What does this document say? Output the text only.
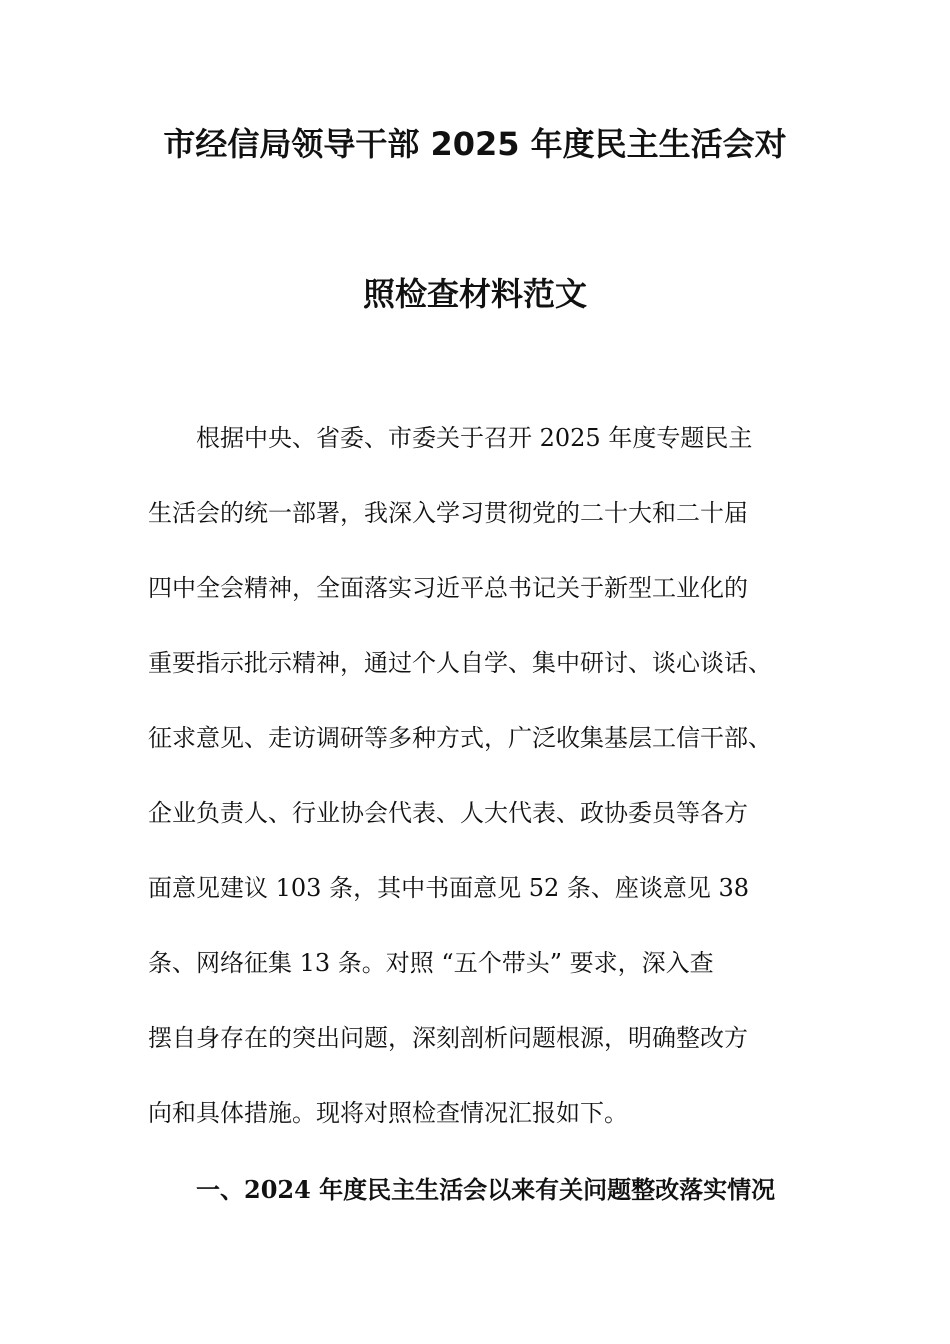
市经信局领导干部 2025 年度民主生活会对
照检查材料范文
　　根据中央、省委、市委关于召开 2025 年度专题民主
生活会的统一部署，我深入学习贯彻党的二十大和二十届
四中全会精神，全面落实习近平总书记关于新型工业化的
重要指示批示精神，通过个人自学、集中研讨、谈心谈话、
征求意见、走访调研等多种方式，广泛收集基层工信干部、
企业负责人、行业协会代表、人大代表、政协委员等各方
面意见建议 103 条，其中书面意见 52 条、座谈意见 38
条、网络征集 13 条。对照 “五个带头” 要求，深入查
摆自身存在的突出问题，深刻剖析问题根源，明确整改方
向和具体措施。现将对照检查情况汇报如下。
一、2024 年度民主生活会以来有关问题整改落实情况
